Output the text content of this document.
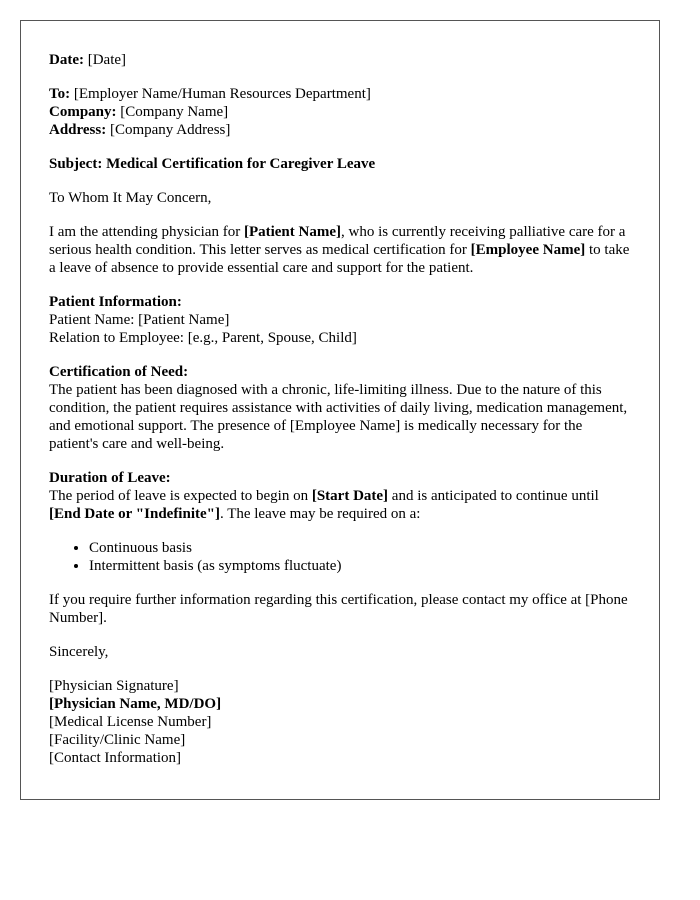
Date: [Date]

To: [Employer Name/Human Resources Department]
Company: [Company Name]
Address: [Company Address]

Subject: Medical Certification for Caregiver Leave

To Whom It May Concern,

I am the attending physician for [Patient Name], who is currently receiving palliative care for a serious health condition. This letter serves as medical certification for [Employee Name] to take a leave of absence to provide essential care and support for the patient.

Patient Information:
Patient Name: [Patient Name]
Relation to Employee: [e.g., Parent, Spouse, Child]

Certification of Need:
The patient has been diagnosed with a chronic, life-limiting illness. Due to the nature of this condition, the patient requires assistance with activities of daily living, medication management, and emotional support. The presence of [Employee Name] is medically necessary for the patient's care and well-being.

Duration of Leave:
The period of leave is expected to begin on [Start Date] and is anticipated to continue until [End Date or "Indefinite"]. The leave may be required on a:

• Continuous basis
• Intermittent basis (as symptoms fluctuate)

If you require further information regarding this certification, please contact my office at [Phone Number].

Sincerely,

[Physician Signature]
[Physician Name, MD/DO]
[Medical License Number]
[Facility/Clinic Name]
[Contact Information]
